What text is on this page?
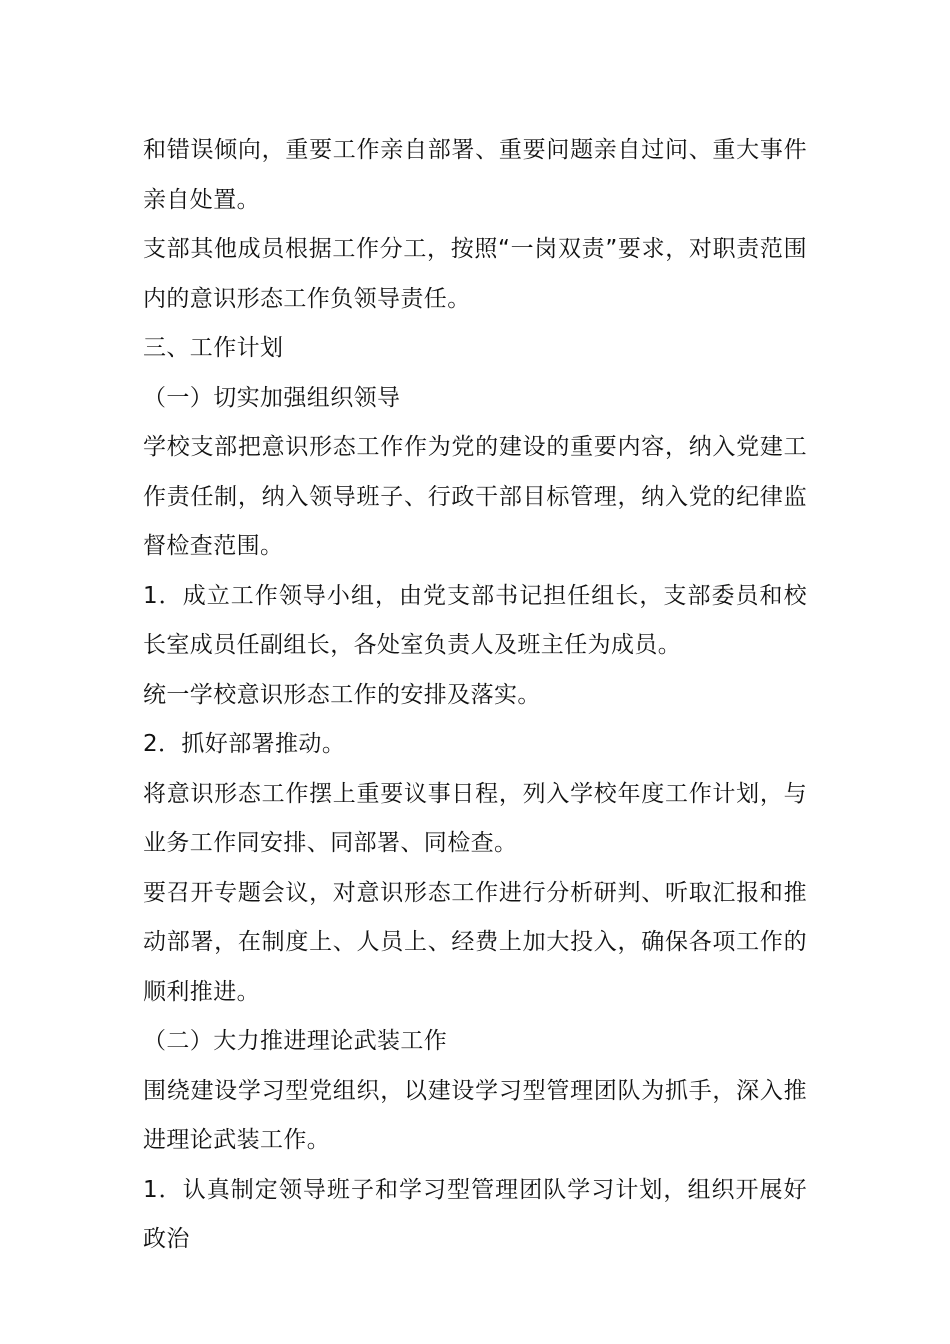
和错误倾向，重要工作亲自部署、重要问题亲自过问、重大事件亲自处置。

支部其他成员根据工作分工，按照“一岗双责”要求，对职责范围内的意识形态工作负领导责任。

三、工作计划

（一）切实加强组织领导

学校支部把意识形态工作作为党的建设的重要内容，纳入党建工作责任制，纳入领导班子、行政干部目标管理，纳入党的纪律监督检查范围。

1．成立工作领导小组，由党支部书记担任组长，支部委员和校长室成员任副组长，各处室负责人及班主任为成员。

统一学校意识形态工作的安排及落实。

2．抓好部署推动。

将意识形态工作摆上重要议事日程，列入学校年度工作计划，与业务工作同安排、同部署、同检查。

要召开专题会议，对意识形态工作进行分析研判、听取汇报和推动部署，在制度上、人员上、经费上加大投入，确保各项工作的顺利推进。

（二）大力推进理论武装工作

围绕建设学习型党组织，以建设学习型管理团队为抓手，深入推进理论武装工作。

1．认真制定领导班子和学习型管理团队学习计划，组织开展好政治
